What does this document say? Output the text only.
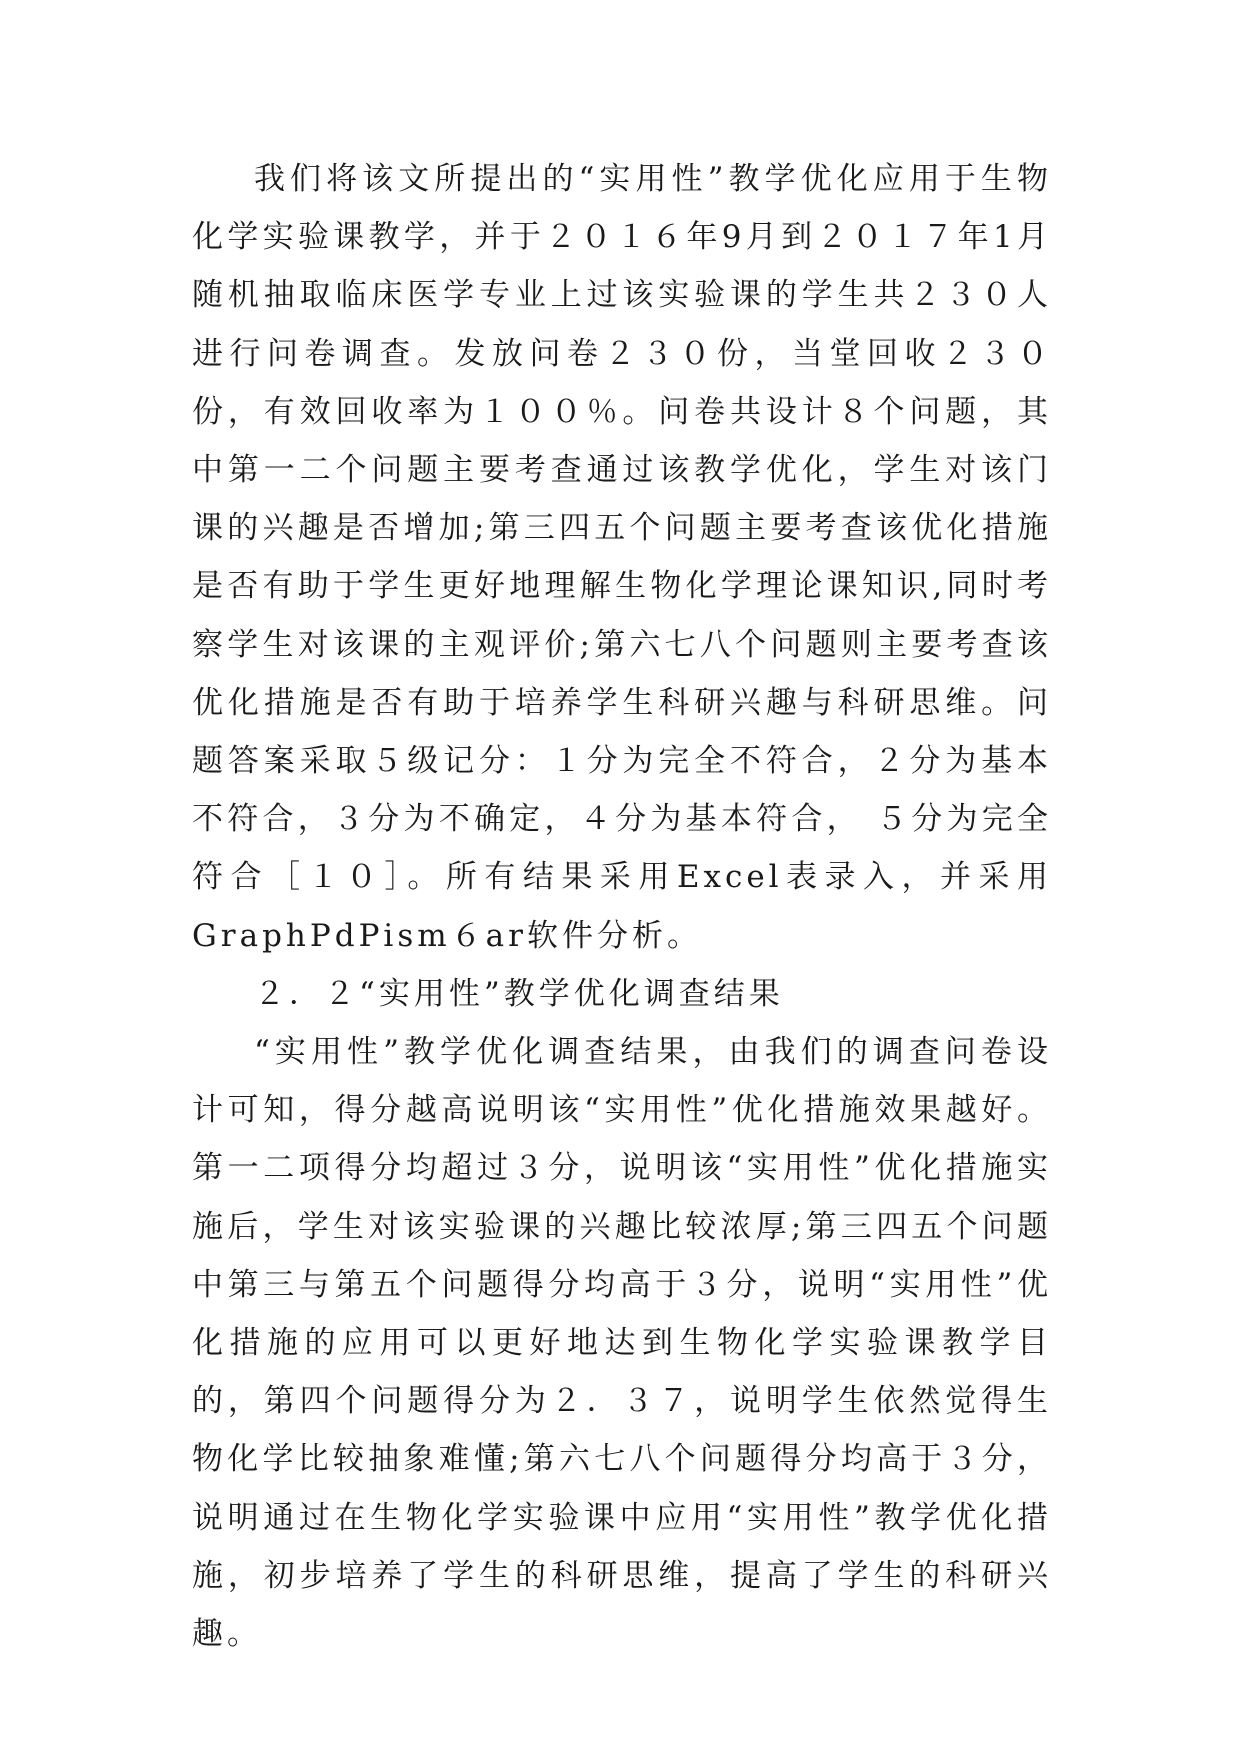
我们将该文所提出的“实用性”教学优化应用于生物化学实验课教学，并于２０１６年9月到２０１７年1月随机抽取临床医学专业上过该实验课的学生共２３０人进行问卷调查。发放问卷２３０份，当堂回收２３０份，有效回收率为１００％。问卷共设计８个问题，其中第一二个问题主要考查通过该教学优化，学生对该门课的兴趣是否增加;第三四五个问题主要考查该优化措施是否有助于学生更好地理解生物化学理论课知识,同时考察学生对该课的主观评价;第六七八个问题则主要考查该优化措施是否有助于培养学生科研兴趣与科研思维。问题答案采取５级记分：１分为完全不符合，２分为基本不符合，３分为不确定，４分为基本符合， ５分为完全符合［１０］。所有结果采用Excel表录入，并采用GraphPdPism６ar软件分析。

２．２“实用性”教学优化调查结果

“实用性”教学优化调查结果，由我们的调查问卷设计可知，得分越高说明该“实用性”优化措施效果越好。第一二项得分均超过３分，说明该“实用性”优化措施实施后，学生对该实验课的兴趣比较浓厚;第三四五个问题中第三与第五个问题得分均高于３分，说明“实用性”优化措施的应用可以更好地达到生物化学实验课教学目的，第四个问题得分为２．３７，说明学生依然觉得生物化学比较抽象难懂;第六七八个问题得分均高于３分，说明通过在生物化学实验课中应用“实用性”教学优化措施，初步培养了学生的科研思维，提高了学生的科研兴趣。
